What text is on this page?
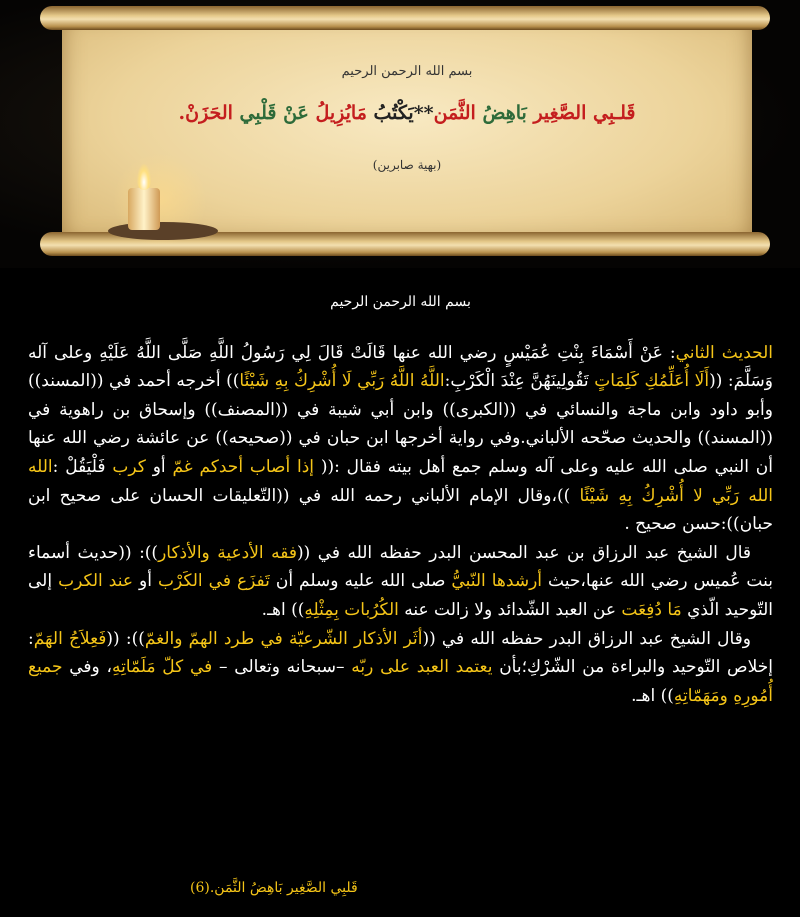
بسم الله الرحمن الرحيم
قَلـبِي الصَّغِير بَاهِضُ الثَّمَن**يَكْتُبُ مَايُزِيلُ عَنْ قَلْبِي الحَزَنْ.
(بهية صابرين)

بسم الله الرحمن الرحيم

الحديث الثاني: عَنْ أَسْمَاءَ بِنْتِ عُمَيْسٍ رضي الله عنها قَالَتْ قَالَ لِي رَسُولُ اللَّهِ صَلَّى اللَّهُ عَلَيْهِ وعلى آله وَسَلَّمَ: ((أَلَا أُعَلِّمُكِ كَلِمَاتٍ تَقُولِينَهُنَّ عِنْدَ الْكَرْبِ:اللَّهُ اللَّهُ رَبِّي لَا أُشْرِكُ بِهِ شَيْئًا)) أخرجه أحمد في ((المسند)) وأبو داود وابن ماجة والنسائي في ((الكبرى)) وابن أبي شيبة في ((المصنف)) وإسحاق بن راهوية في ((المسند)) والحديث صحّحه الألباني.وفي رواية أخرجها ابن حبان في ((صحيحه)) عن عائشة رضي الله عنها أن النبي صلى الله عليه وعلى آله وسلم جمع أهل بيته فقال :(( إذا أصاب أحدكم غمّ أو كرب فَلْيَقُلْ :الله الله رَبِّي لا أُشْرِكُ بِهِ شَيْئًا ))،وقال الإمام الألباني رحمه الله في ((التّعليقات الحسان على صحيح ابن حبان)):حسن صحيح .

قال الشيخ عبد الرزاق بن عبد المحسن البدر حفظه الله في ((فقه الأدعية والأذكار)): ((حديث أسماء بنت عُميس رضي الله عنها،حيث أرشدها النّبيُّ صلى الله عليه وسلم أن تَفزَع في الكَرْب أو عند الكرب إلى التّوحيد الّذي مَا دُفِعَت عن العبد الشّدائد ولا زالت عنه الكُرُبات بِمِثْلِهِ)) اهـ.

وقال الشيخ عبد الرزاق البدر حفظه الله في ((أثَر الأذكار الشّرعيّة في طرد الهمّ والغمّ)): ((فَعِلاَجُ الهَمّ: إخلاص التّوحيد والبراءة من الشّرْكِ؛بأن يعتمد العبد على ربّه –سبحانه وتعالى – في كلّ مَلَمّاتِهِ، وفي جميع أُمُورِهِ ومَهَمّاتِهِ)) اهـ.

قَلبِي الصَّغِير بَاهِضُ الثَّمَن.(6)
